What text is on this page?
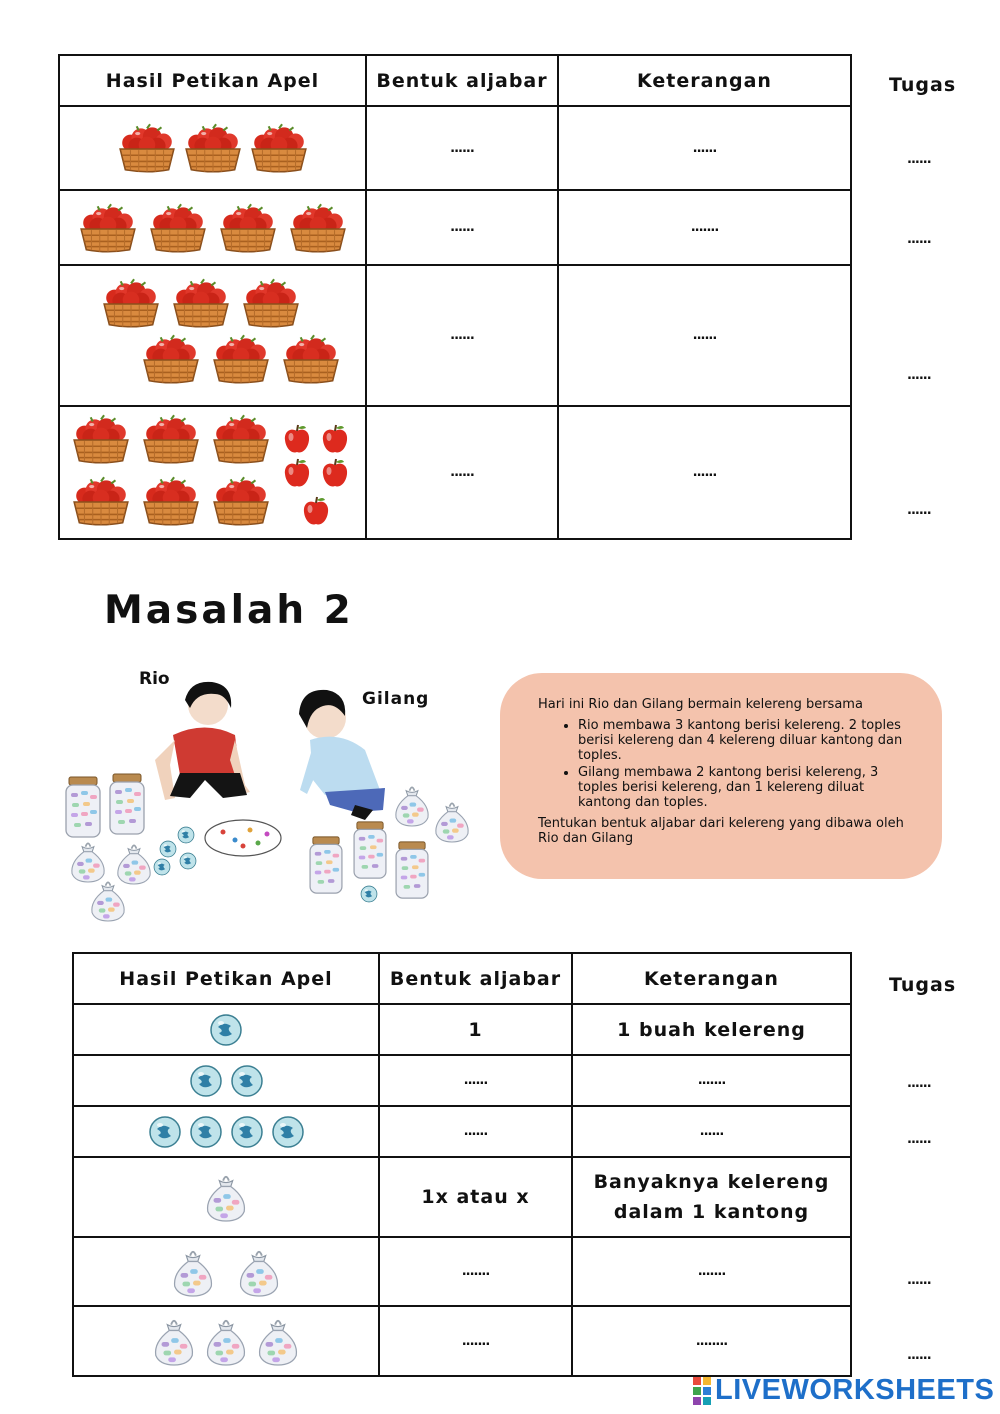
Hasil Petikan Apel	Bentuk aljabar	Keterangan

	......	......

	......	.......

	......	......

	......	......
Tugas
......
......
......
......
Masalah 2
Rio
Gilang	Hari ini Rio dan Gilang bermain kelereng bersama
• Rio membawa 3 kantong berisi kelereng. 2 toples berisi kelereng dan 4 kelereng diluar kantong dan toples.
• Gilang membawa 2 kantong berisi kelereng, 3 toples berisi kelereng, dan 1 kelereng diluat kantong dan toples.
Tentukan bentuk aljabar dari kelereng yang dibawa oleh Rio dan Gilang
Hasil Petikan Apel	Bentuk aljabar	Keterangan

	1	1 buah kelereng

	......	.......

	......	......

	1x atau x	Banyaknya kelereng dalam 1 kantong

	.......	.......

	.......	........
Tugas
......
......
......
......
LIVEWORKSHEETS
